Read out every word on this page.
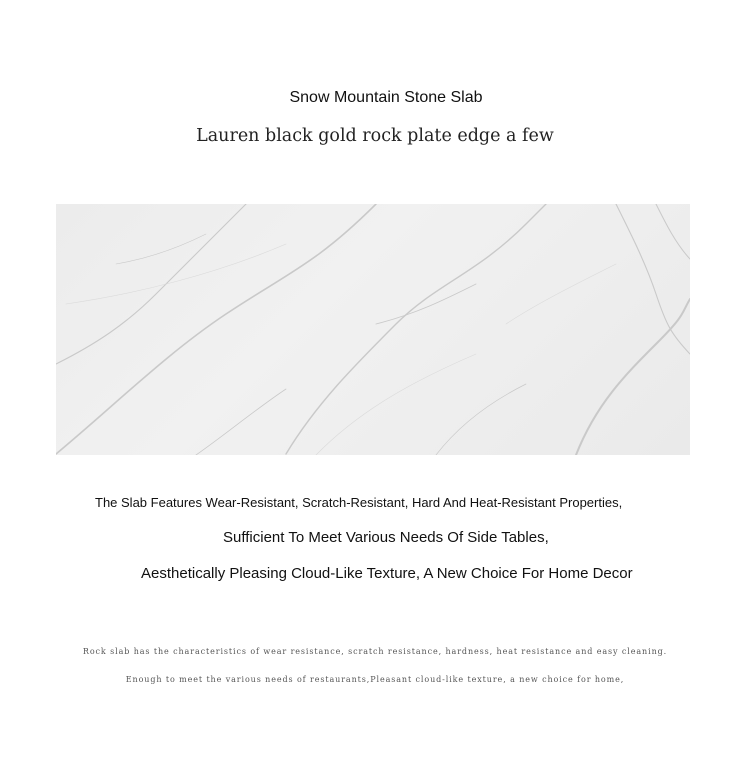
Snow Mountain Stone Slab
Lauren black gold rock plate edge a few
The Slab Features Wear-Resistant, Scratch-Resistant, Hard And Heat-Resistant Properties,
Sufficient To Meet Various Needs Of Side Tables,
Aesthetically Pleasing Cloud-Like Texture, A New Choice For Home Decor
Rock slab has the characteristics of wear resistance, scratch resistance, hardness, heat resistance and easy cleaning.
Enough to meet the various needs of restaurants,Pleasant cloud-like texture, a new choice for home,
